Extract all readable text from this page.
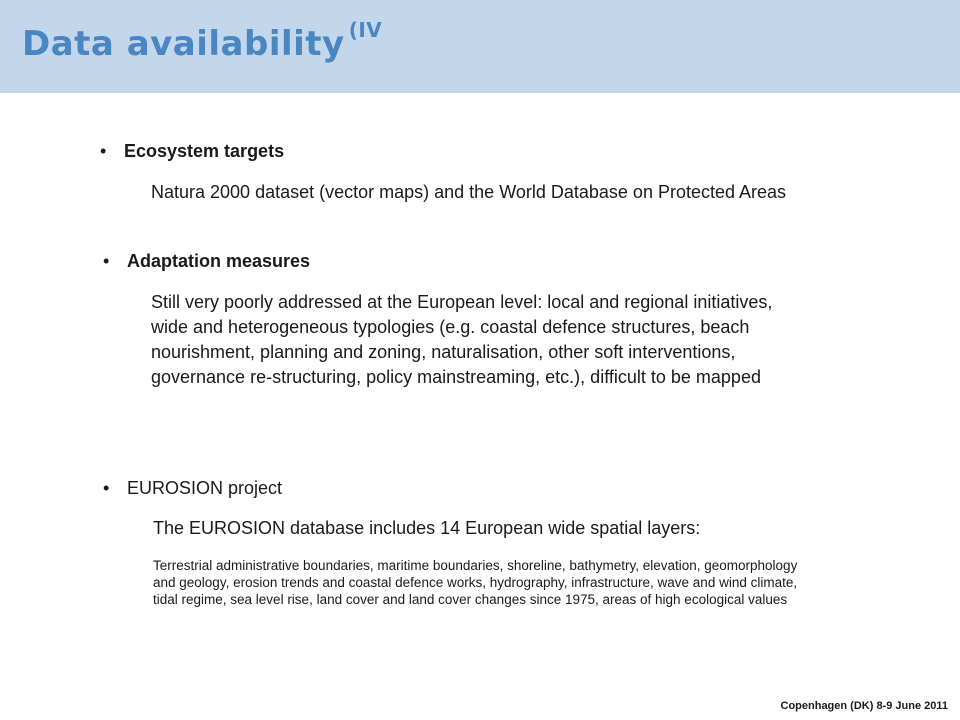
Data availability $^{(IV}$
• Ecosystem targets
Natura 2000 dataset (vector maps) and the World Database on Protected Areas
• Adaptation measures
Still very poorly addressed at the European level: local and regional initiatives, wide and heterogeneous typologies (e.g. coastal defence structures, beach nourishment, planning and zoning, naturalisation, other soft interventions, governance re-structuring, policy mainstreaming, etc.), difficult to be mapped
• EUROSION project
The EUROSION database includes 14 European wide spatial layers:
Terrestrial administrative boundaries, maritime boundaries, shoreline, bathymetry, elevation, geomorphology and geology, erosion trends and coastal defence works, hydrography, infrastructure, wave and wind climate, tidal regime, sea level rise, land cover and land cover changes since 1975, areas of high ecological values
Copenhagen (DK) 8-9 June 2011
